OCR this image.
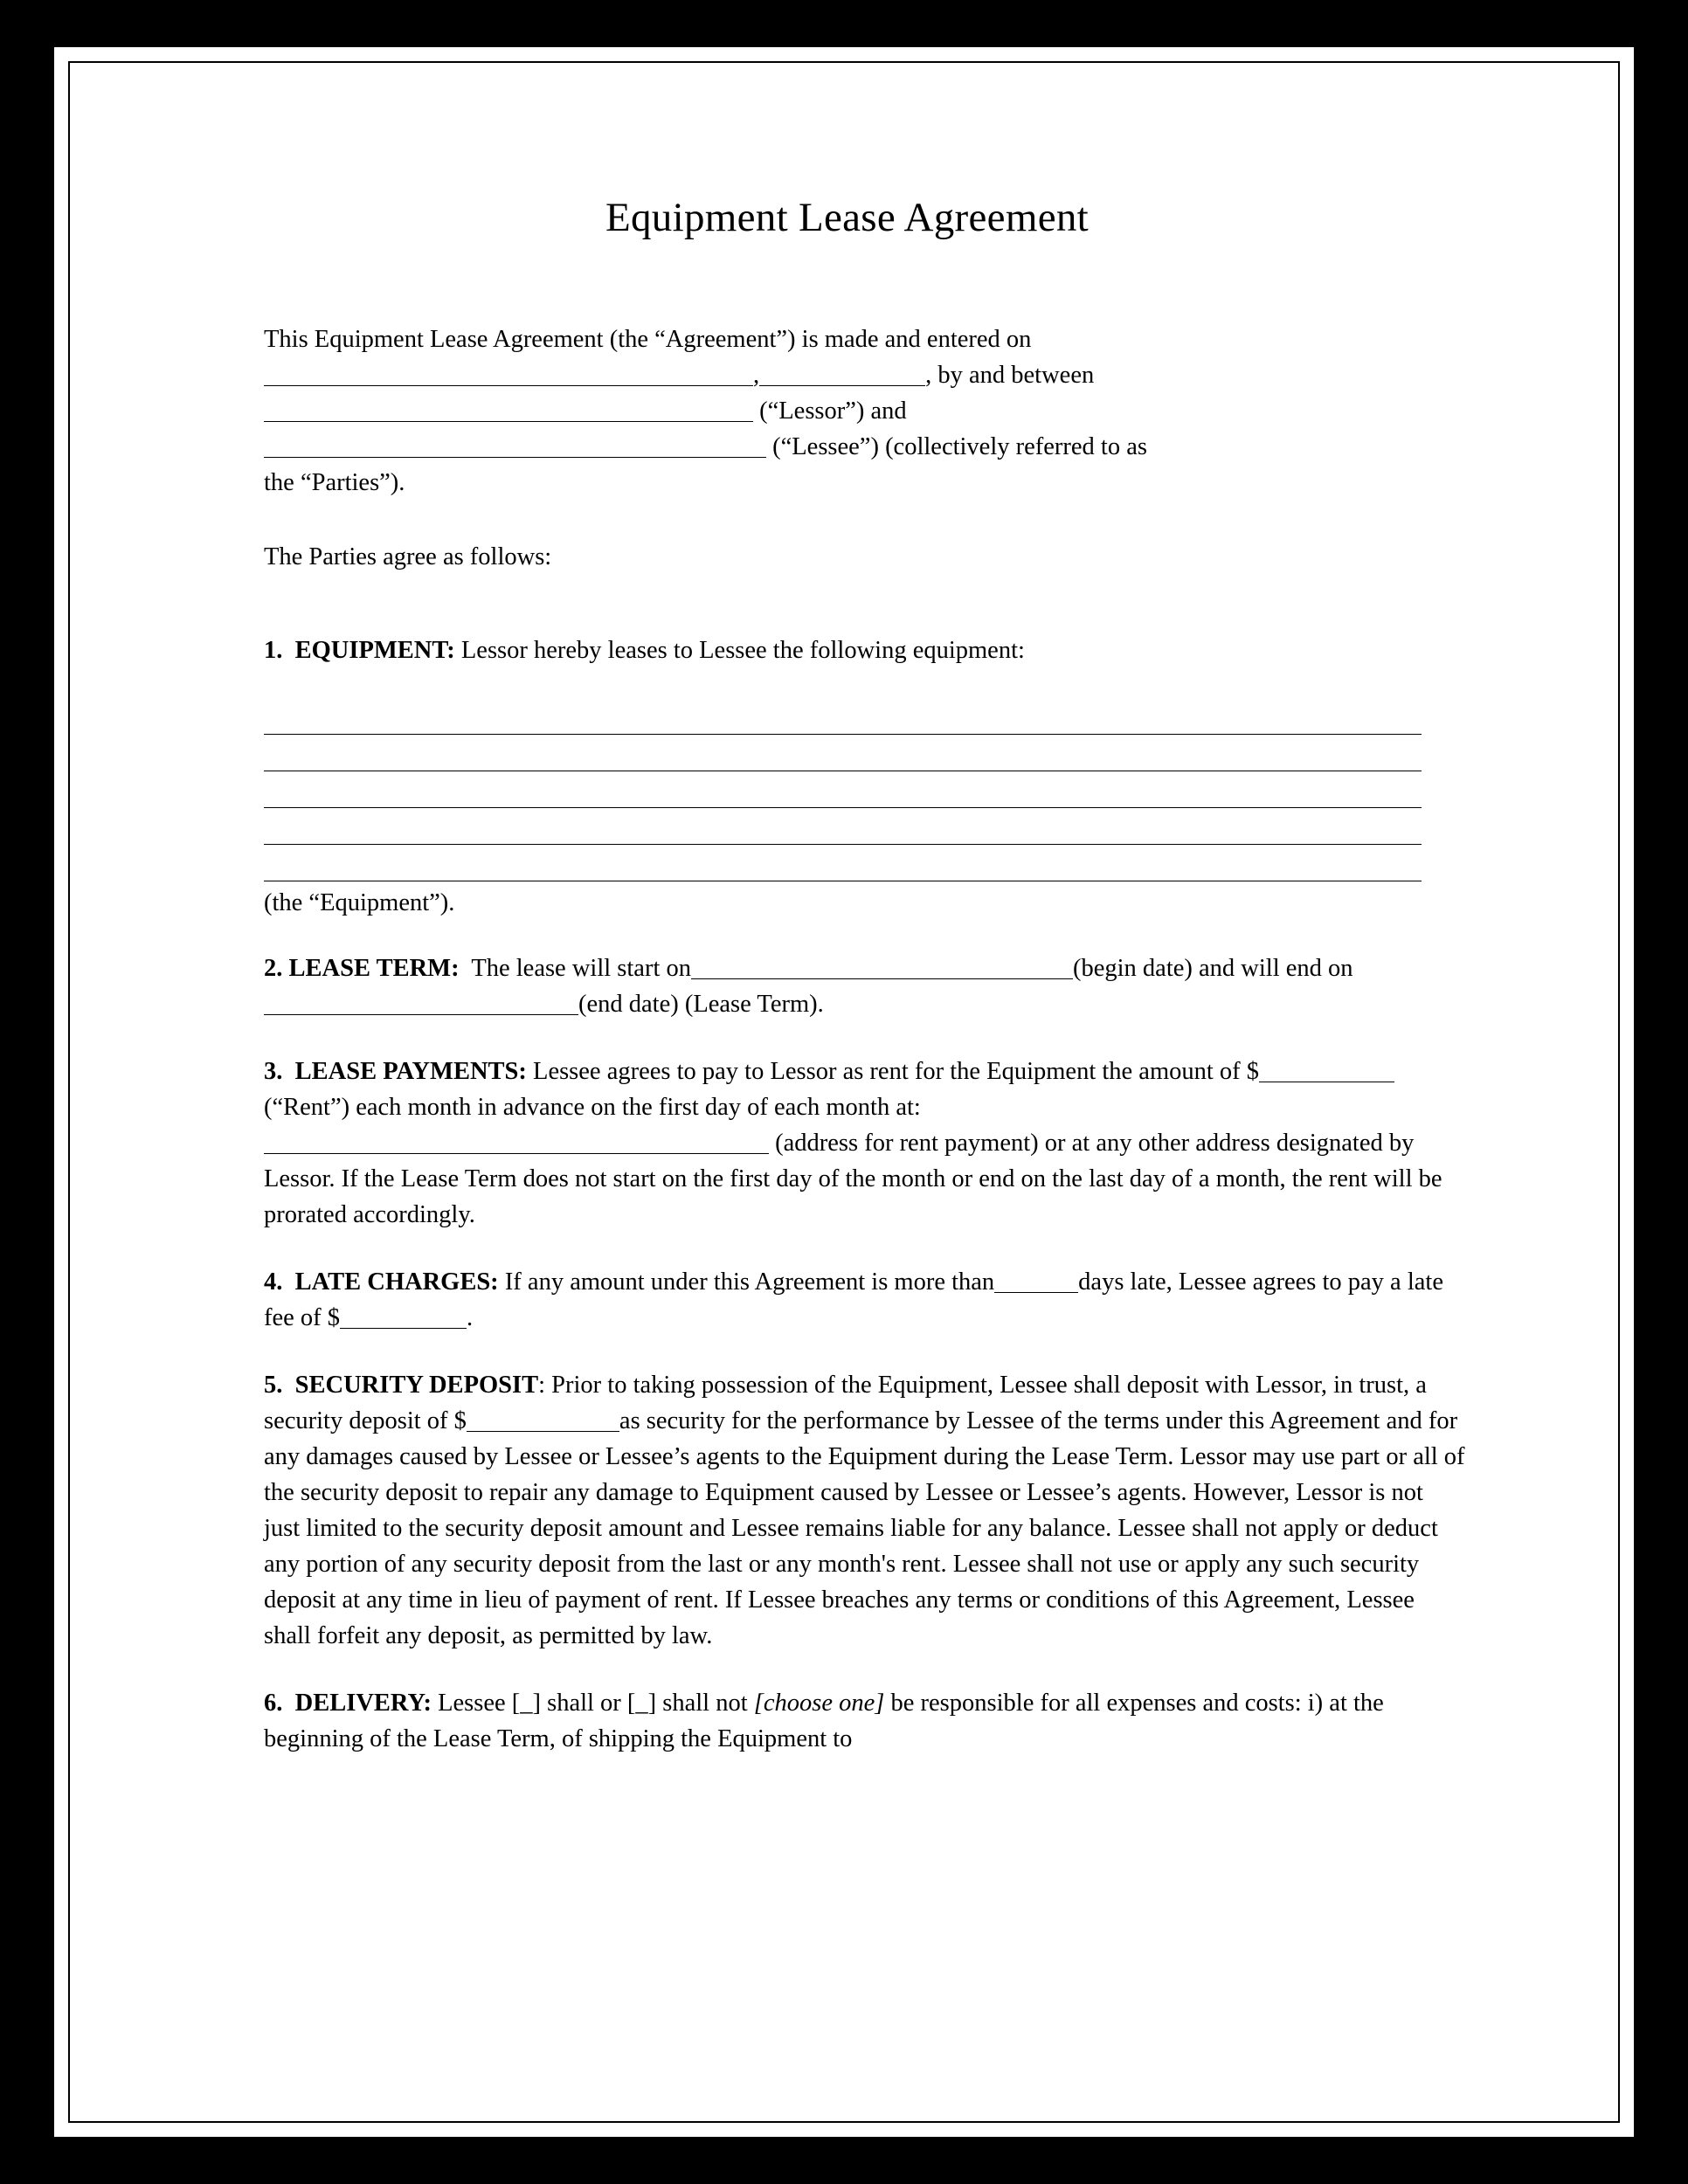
Equipment Lease Agreement

This Equipment Lease Agreement (the “Agreement”) is made and entered on
,	, by and between
(“Lessor”) and
(“Lessee”) (collectively referred to as
the “Parties”).

The Parties agree as follows:

1. EQUIPMENT: Lessor hereby leases to Lessee the following equipment:

(the “Equipment”).

2. LEASE TERM: The lease will start on	(begin date) and will end on(end date) (Lease Term).

3. LEASE PAYMENTS: Lessee agrees to pay to Lessor as rent for the Equipment the amount of $(“Rent”) each month in advance on the first day of each month at:
(address for rent payment) or at any other address designated by Lessor. If the Lease Term does not start on the first day of the month or end on the last day of a month, the rent will be prorated accordingly.

4. LATE CHARGES: If any amount under this Agreement is more than	days late, Lessee agrees to pay a late fee of $	.

5. SECURITY DEPOSIT: Prior to taking possession of the Equipment, Lessee shall deposit with Lessor, in trust, a security deposit of $	as security for the performance by Lessee of the terms under this Agreement and for any damages caused by Lessee or Lessee’s agents to the Equipment during the Lease Term. Lessor may use part or all of the security deposit to repair any damage to Equipment caused by Lessee or Lessee’s agents. However, Lessor is not just limited to the security deposit amount and Lessee remains liable for any balance. Lessee shall not apply or deduct any portion of any security deposit from the last or any month's rent. Lessee shall not use or apply any such security deposit at any time in lieu of payment of rent. If Lessee breaches any terms or conditions of this Agreement, Lessee shall forfeit any deposit, as permitted by law.

6. DELIVERY: Lessee [_] shall or [_] shall not [choose one] be responsible for all expenses and costs: i) at the beginning of the Lease Term, of shipping the Equipment to
